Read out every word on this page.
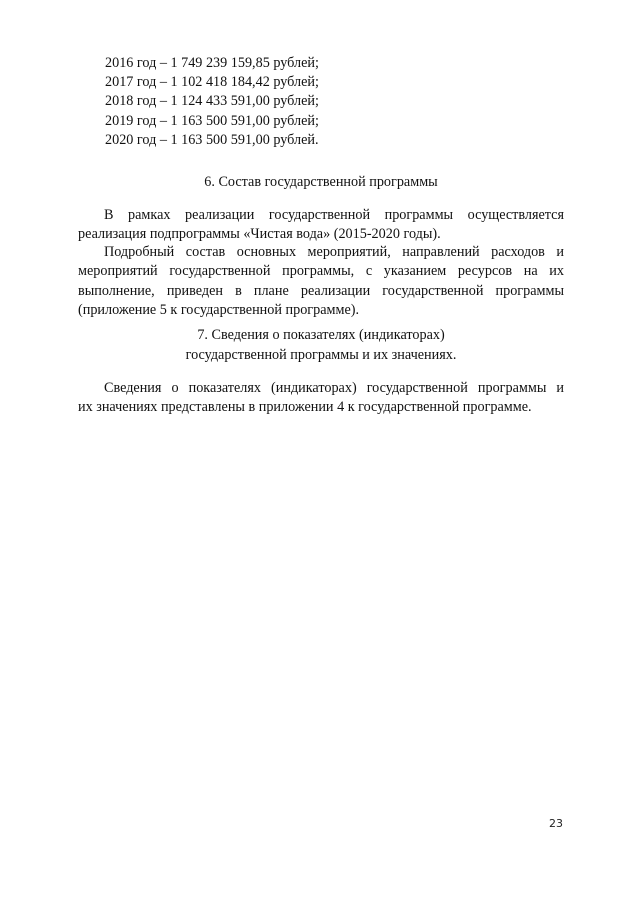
2016 год – 1 749 239 159,85 рублей;
2017 год – 1 102 418 184,42 рублей;
2018 год – 1 124 433 591,00 рублей;
2019 год – 1 163 500 591,00 рублей;
2020 год – 1 163 500 591,00 рублей.
6. Состав государственной программы
В рамках реализации государственной программы осуществляется
реализация подпрограммы «Чистая вода» (2015-2020 годы).
Подробный состав основных мероприятий, направлений расходов и
мероприятий государственной программы, с указанием ресурсов на их
выполнение, приведен в плане реализации государственной программы
(приложение 5 к государственной программе).
7. Сведения о показателях (индикаторах)
государственной программы и их значениях.
Сведения о показателях (индикаторах) государственной программы и
их значениях представлены в приложении 4 к государственной программе.
23
